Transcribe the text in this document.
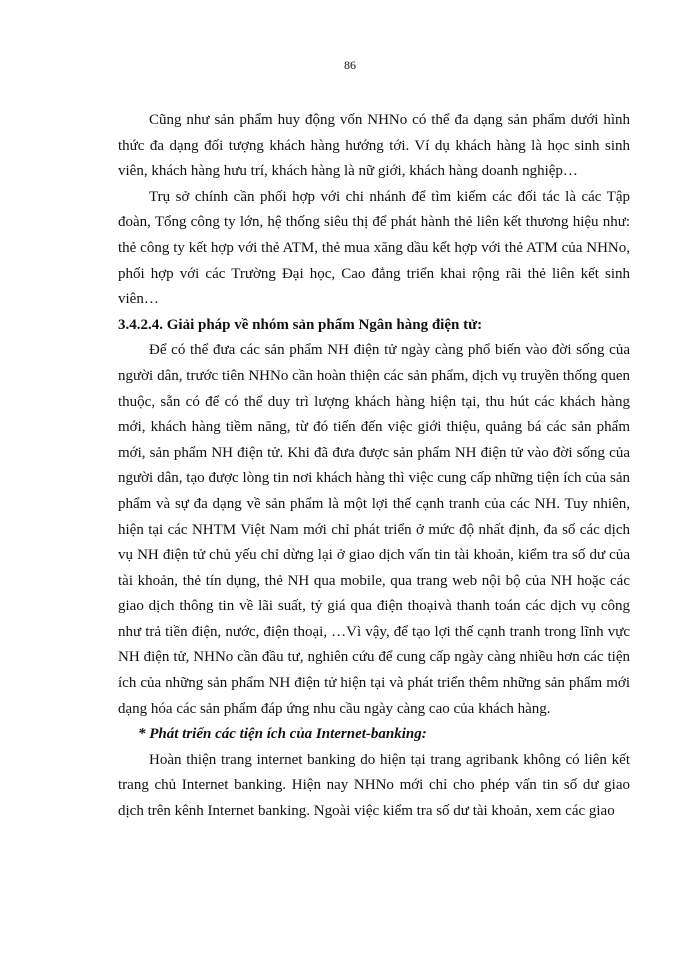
86

Cũng như sản phẩm huy động vốn NHNo có thể đa dạng sản phẩm dưới hình thức đa dạng đối tượng khách hàng hướng tới. Ví dụ khách hàng là học sinh sinh viên, khách hàng hưu trí, khách hàng là nữ giới, khách hàng doanh nghiệp…

Trụ sở chính cần phối hợp với chi nhánh để tìm kiếm các đối tác là các Tập đoàn, Tổng công ty lớn, hệ thống siêu thị để phát hành thẻ liên kết thương hiệu như: thẻ công ty kết hợp với thẻ ATM, thẻ mua xăng dầu kết hợp với thẻ ATM của NHNo, phối hợp với các Trường Đại học, Cao đẳng triển khai rộng rãi thẻ liên kết sinh viên…

3.4.2.4. Giải pháp về nhóm sản phẩm Ngân hàng điện tử:

Để có thể đưa các sản phẩm NH điện tử ngày càng phổ biến vào đời sống của người dân, trước tiên NHNo cần hoàn thiện các sản phẩm, dịch vụ truyền thống quen thuộc, sẵn có để có thể duy trì lượng khách hàng hiện tại, thu hút các khách hàng mới, khách hàng tiềm năng, từ đó tiến đến việc giới thiệu, quảng bá các sản phẩm mới, sản phẩm NH điện tử. Khi đã đưa được sản phẩm NH điện tử vào đời sống của người dân, tạo được lòng tin nơi khách hàng thì việc cung cấp những tiện ích của sản phẩm và sự đa dạng về sản phẩm là một lợi thế cạnh tranh của các NH. Tuy nhiên, hiện tại các NHTM Việt Nam mới chỉ phát triển ở mức độ nhất định, đa số các dịch vụ NH điện tử chủ yếu chỉ dừng lại ở giao dịch vấn tin tài khoản, kiểm tra số dư của tài khoản, thẻ tín dụng, thẻ NH qua mobile, qua trang web nội bộ của NH hoặc các giao dịch thông tin về lãi suất, tỷ giá qua điện thoạivà thanh toán các dịch vụ công như trả tiền điện, nước, điện thoại, …Vì vậy, để tạo lợi thế cạnh tranh trong lĩnh vực NH điện tử, NHNo cần đầu tư, nghiên cứu để cung cấp ngày càng nhiều hơn các tiện ích của những sản phẩm NH điện tử hiện tại và phát triển thêm những sản phẩm mới dạng hóa các sản phẩm đáp ứng nhu cầu ngày càng cao của khách hàng.

* Phát triển các tiện ích của Internet-banking:

Hoàn thiện trang internet banking do hiện tại trang agribank không có liên kết trang chủ Internet banking. Hiện nay NHNo mới chỉ cho phép vấn tin số dư giao dịch trên kênh Internet banking. Ngoài việc kiểm tra số dư tài khoản, xem các giao
